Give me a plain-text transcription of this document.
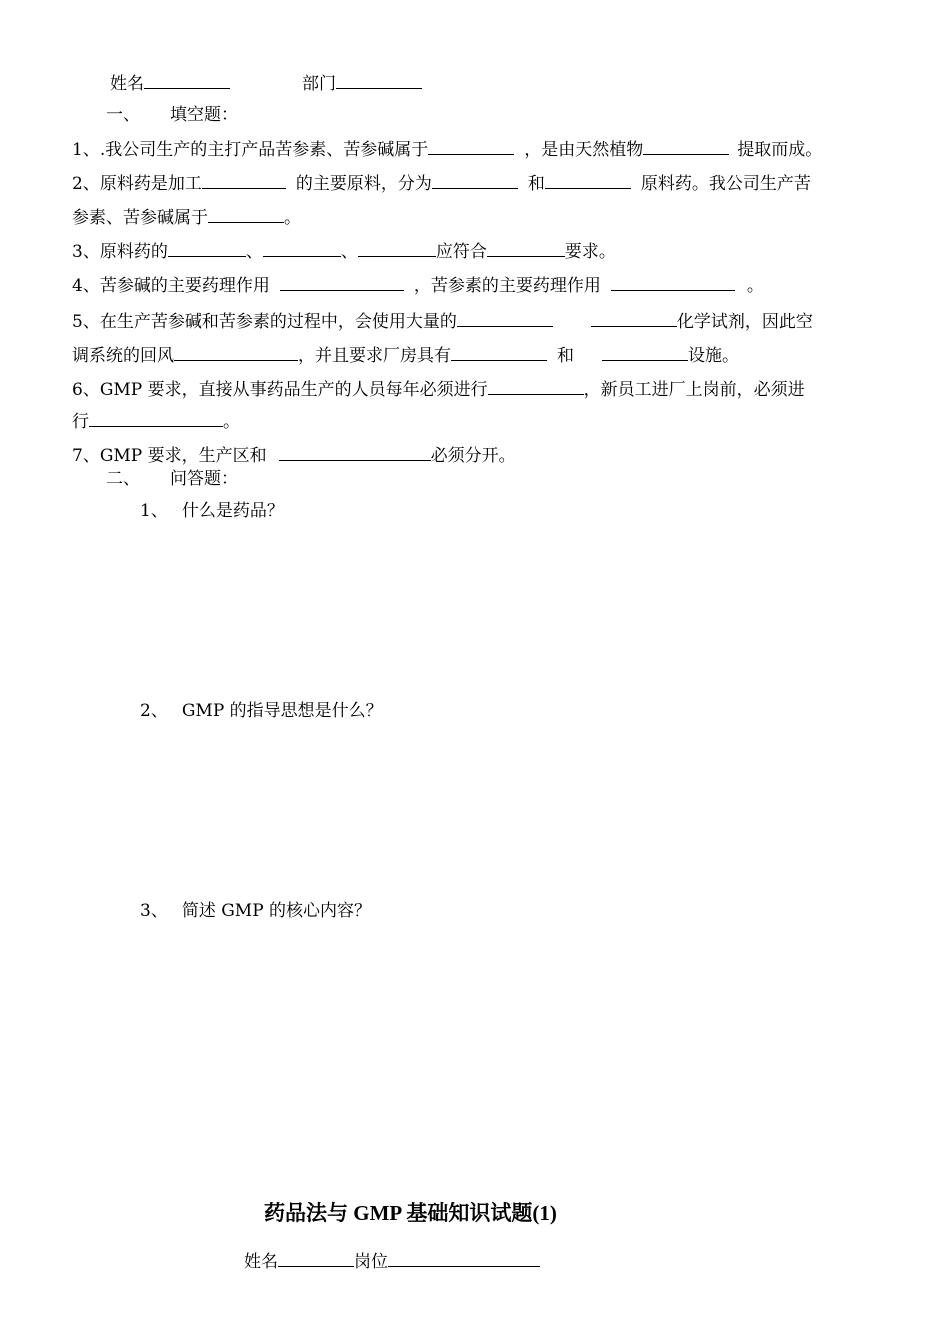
姓名	部门
一、 填空题：
1、.我公司生产的主打产品苦参素、苦参碱属于	，是由天然植物	提取而成。
2、原料药是加工	的主要原料，分为	和	原料药。我公司生产苦
参素、苦参碱属于	。
3、原料药的	、	、	应符合	要求。
4、苦参碱的主要药理作用	，苦参素的主要药理作用	。
5、在生产苦参碱和苦参素的过程中，会使用大量的	化学试剂，因此空
调系统的回风	，并且要求厂房具有	和	设施。
6、GMP 要求，直接从事药品生产的人员每年必须进行	，新员工进厂上岗前，必须进
行	。
7、GMP 要求，生产区和	必须分开。
二、 问答题：
1、 什么是药品？
2、 GMP 的指导思想是什么？
3、 简述 GMP 的核心内容？
药品法与 GMP 基础知识试题(1)
姓名	岗位
